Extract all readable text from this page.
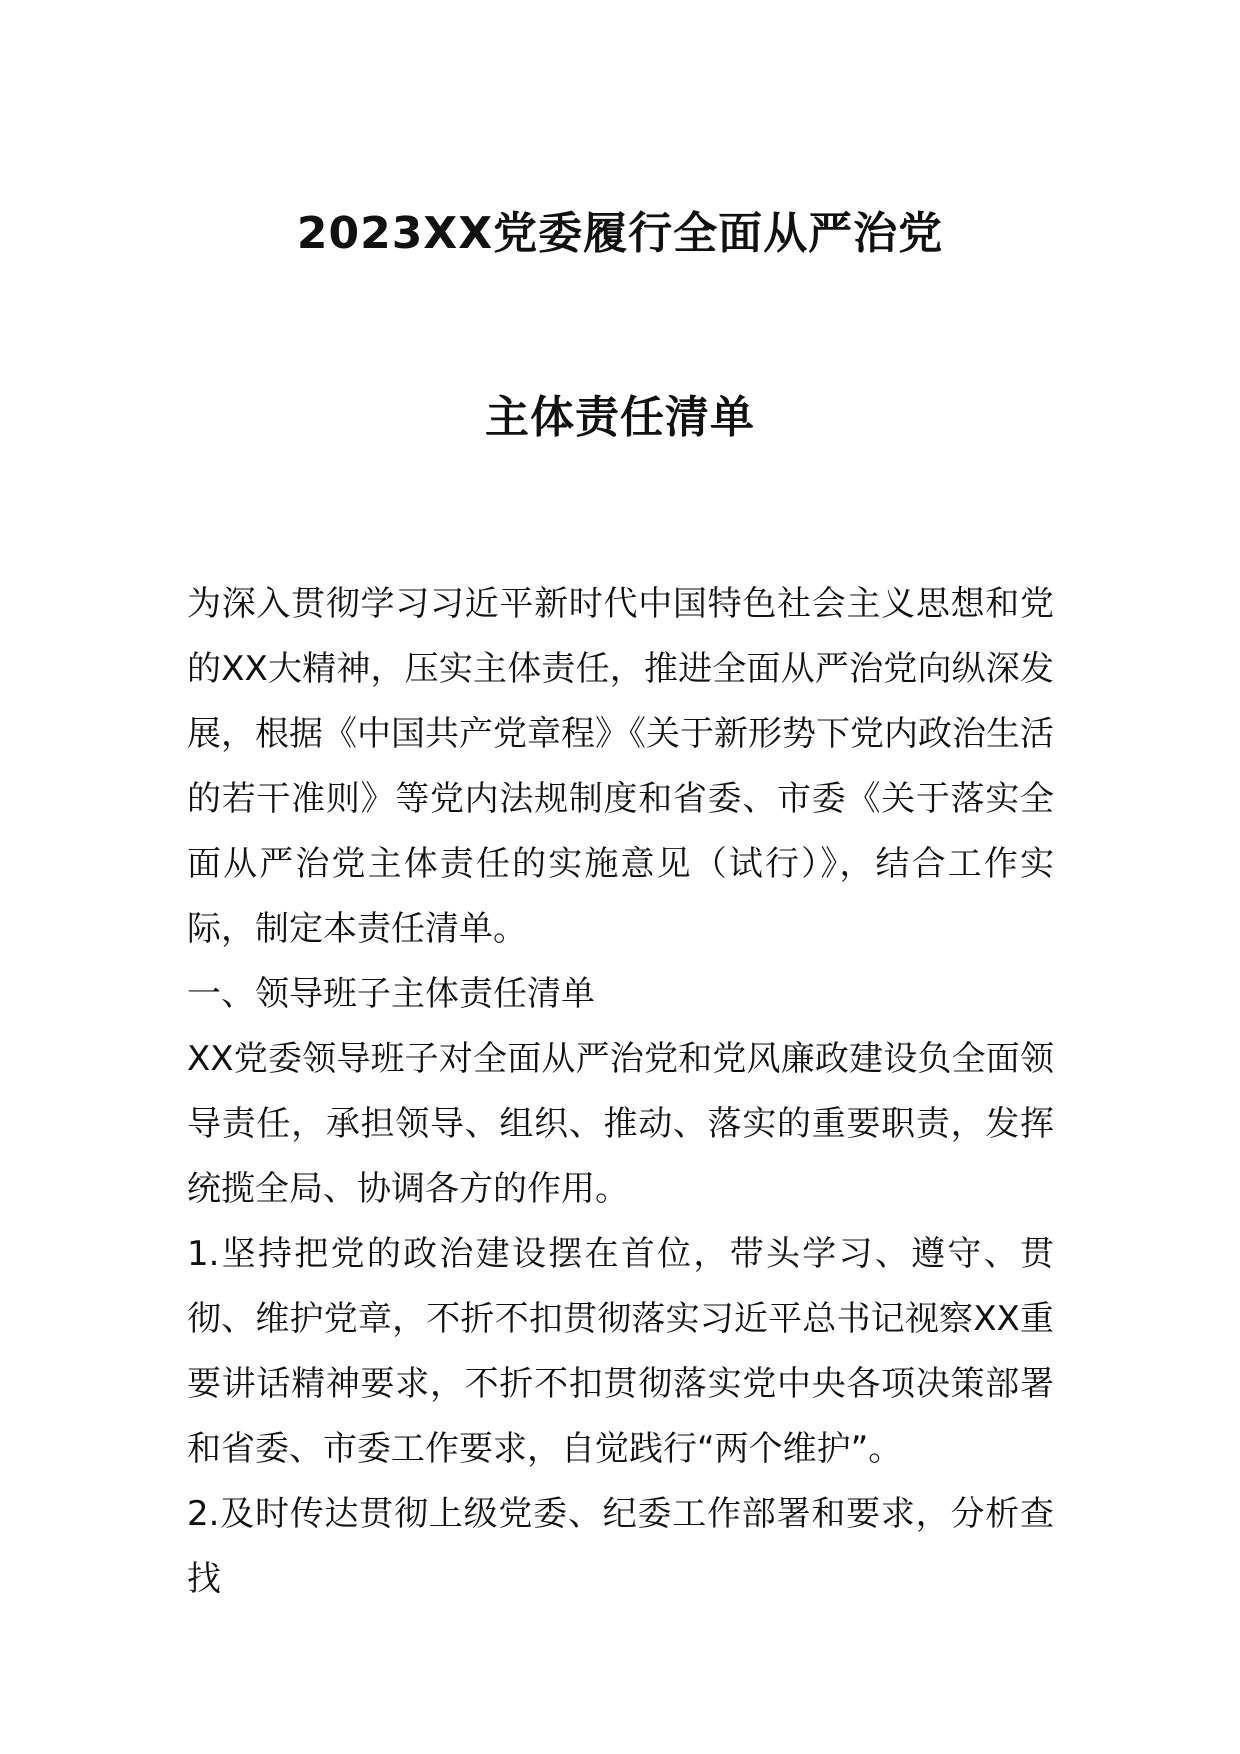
2023XX党委履行全面从严治党
主体责任清单

为深入贯彻学习习近平新时代中国特色社会主义思想和党的XX大精神，压实主体责任，推进全面从严治党向纵深发展，根据《中国共产党章程》《关于新形势下党内政治生活的若干准则》等党内法规制度和省委、市委《关于落实全面从严治党主体责任的实施意见（试行）》，结合工作实际，制定本责任清单。

一、领导班子主体责任清单

XX党委领导班子对全面从严治党和党风廉政建设负全面领导责任，承担领导、组织、推动、落实的重要职责，发挥统揽全局、协调各方的作用。

1.坚持把党的政治建设摆在首位，带头学习、遵守、贯彻、维护党章，不折不扣贯彻落实习近平总书记视察XX重要讲话精神要求，不折不扣贯彻落实党中央各项决策部署和省委、市委工作要求，自觉践行“两个维护”。

2.及时传达贯彻上级党委、纪委工作部署和要求，分析查找
